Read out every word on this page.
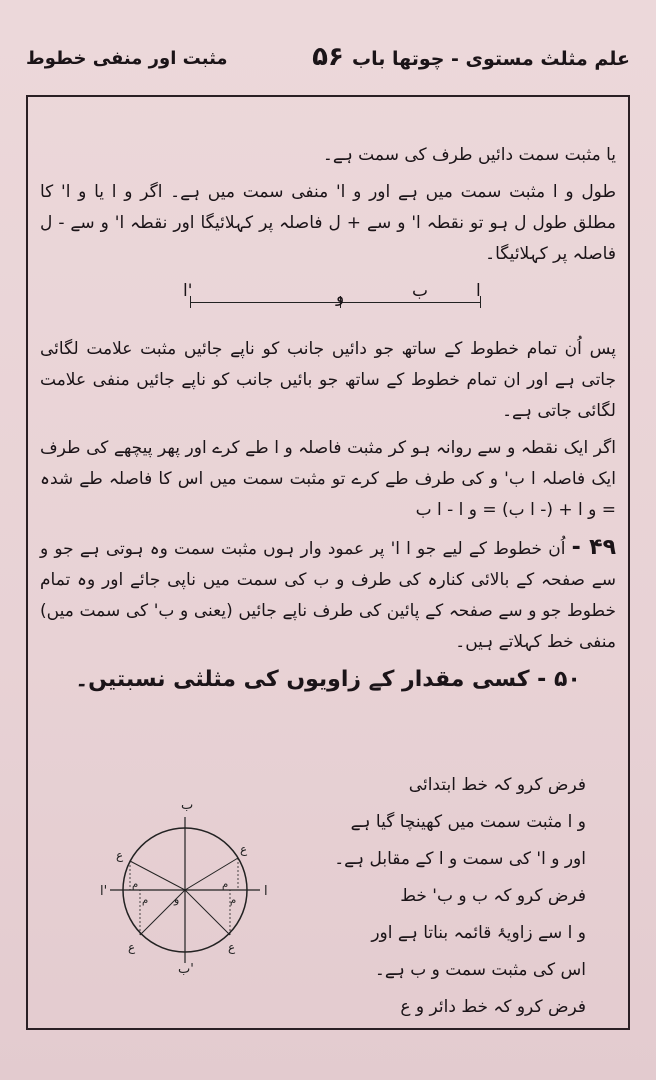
علم مثلث مستوی - چوتھا باب
۵۶
مثبت اور منفی خطوط

یا مثبت سمت دائیں طرف کی سمت ہے۔

طول و ا مثبت سمت میں ہے اور و ا' منفی سمت میں ہے۔ اگر و ا یا و ا' کا مطلق طول ل ہو تو نقطہ ا' و سے + ل فاصلہ پر کہلائیگا اور نقطہ ا' و سے - ل فاصلہ پر کہلائیگا۔

ا'	و	ب	ا

پس اُن تمام خطوط کے ساتھ جو دائیں جانب کو ناپے جائیں مثبت علامت لگائی جاتی ہے اور ان تمام خطوط کے ساتھ جو بائیں جانب کو ناپے جائیں منفی علامت لگائی جاتی ہے۔

اگر ایک نقطہ و سے روانہ ہو کر مثبت فاصلہ و ا طے کرے اور پھر پیچھے کی طرف ایک فاصلہ ا ب' و کی طرف طے کرے تو مثبت سمت میں اس کا فاصلہ طے شدہ = و ا + (- ا ب) = و ا - ا ب

۴۹ - اُن خطوط کے لیے جو ا ا' پر عمود وار ہوں مثبت سمت وہ ہوتی ہے جو و سے صفحہ کے بالائی کنارہ کی طرف و ب کی سمت میں ناپی جائے اور وہ تمام خطوط جو و سے صفحہ کے پائین کی طرف ناپے جائیں (یعنی و ب' کی سمت میں) منفی خط کہلاتے ہیں۔

۵۰ - کسی مقدار کے زاویوں کی مثلثی نسبتیں۔

فرض کرو کہ خط ابتدائی

و ا مثبت سمت میں کھینچا گیا ہے

اور و ا' کی سمت و ا کے مقابل ہے۔

فرض کرو کہ ب و ب' خط

و ا سے زاویۂ قائمہ بناتا ہے اور

اس کی مثبت سمت و ب ہے۔

فرض کرو کہ خط دائر و ع

ب
ب'
ا
ا'
و
ع
ع
ع	ع
م
م
م
م
